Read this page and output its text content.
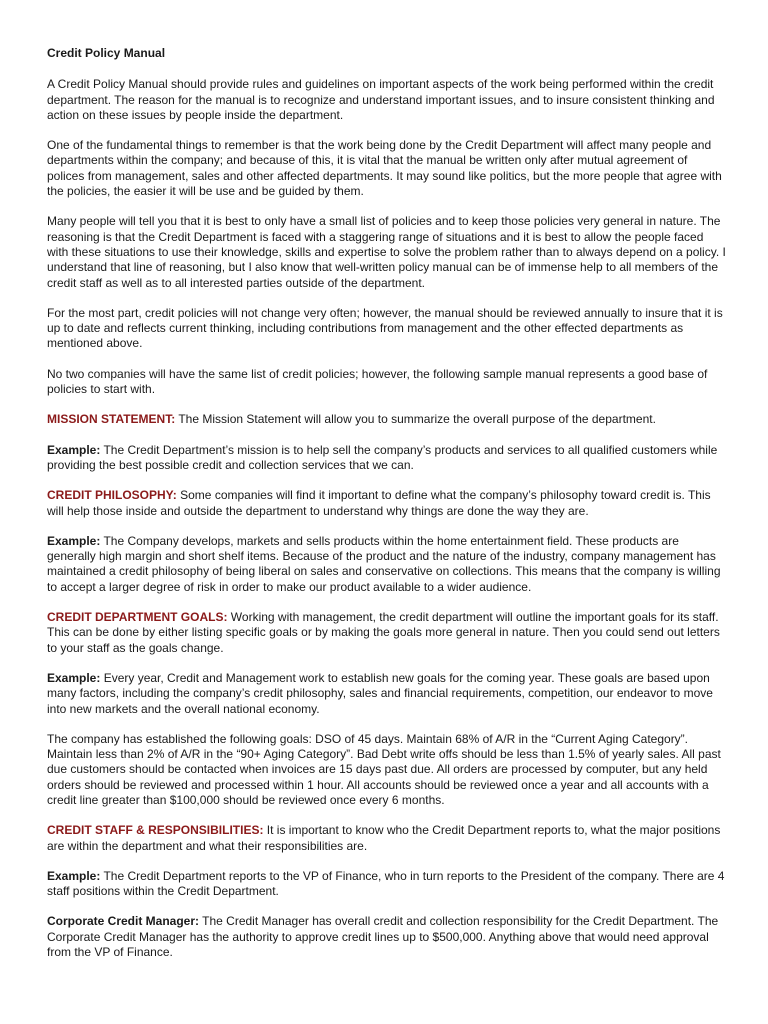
Credit Policy Manual

A Credit Policy Manual should provide rules and guidelines on important aspects of the work being performed within the credit department. The reason for the manual is to recognize and understand important issues, and to insure consistent thinking and action on these issues by people inside the department.

One of the fundamental things to remember is that the work being done by the Credit Department will affect many people and departments within the company; and because of this, it is vital that the manual be written only after mutual agreement of polices from management, sales and other affected departments. It may sound like politics, but the more people that agree with the policies, the easier it will be use and be guided by them.

Many people will tell you that it is best to only have a small list of policies and to keep those policies very general in nature. The reasoning is that the Credit Department is faced with a staggering range of situations and it is best to allow the people faced with these situations to use their knowledge, skills and expertise to solve the problem rather than to always depend on a policy. I understand that line of reasoning, but I also know that well-written policy manual can be of immense help to all members of the credit staff as well as to all interested parties outside of the department.

For the most part, credit policies will not change very often; however, the manual should be reviewed annually to insure that it is up to date and reflects current thinking, including contributions from management and the other effected departments as mentioned above.

No two companies will have the same list of credit policies; however, the following sample manual represents a good base of policies to start with.

MISSION STATEMENT: The Mission Statement will allow you to summarize the overall purpose of the department.

Example: The Credit Department’s mission is to help sell the company’s products and services to all qualified customers while providing the best possible credit and collection services that we can.

CREDIT PHILOSOPHY: Some companies will find it important to define what the company’s philosophy toward credit is. This will help those inside and outside the department to understand why things are done the way they are.

Example: The Company develops, markets and sells products within the home entertainment field. These products are generally high margin and short shelf items. Because of the product and the nature of the industry, company management has maintained a credit philosophy of being liberal on sales and conservative on collections. This means that the company is willing to accept a larger degree of risk in order to make our product available to a wider audience.

CREDIT DEPARTMENT GOALS: Working with management, the credit department will outline the important goals for its staff. This can be done by either listing specific goals or by making the goals more general in nature. Then you could send out letters to your staff as the goals change.

Example: Every year, Credit and Management work to establish new goals for the coming year. These goals are based upon many factors, including the company’s credit philosophy, sales and financial requirements, competition, our endeavor to move into new markets and the overall national economy.

The company has established the following goals: DSO of 45 days. Maintain 68% of A/R in the “Current Aging Category”. Maintain less than 2% of A/R in the “90+ Aging Category”. Bad Debt write offs should be less than 1.5% of yearly sales. All past due customers should be contacted when invoices are 15 days past due. All orders are processed by computer, but any held orders should be reviewed and processed within 1 hour. All accounts should be reviewed once a year and all accounts with a credit line greater than $100,000 should be reviewed once every 6 months.

CREDIT STAFF & RESPONSIBILITIES: It is important to know who the Credit Department reports to, what the major positions are within the department and what their responsibilities are.

Example: The Credit Department reports to the VP of Finance, who in turn reports to the President of the company. There are 4 staff positions within the Credit Department.

Corporate Credit Manager: The Credit Manager has overall credit and collection responsibility for the Credit Department. The Corporate Credit Manager has the authority to approve credit lines up to $500,000. Anything above that would need approval from the VP of Finance.
